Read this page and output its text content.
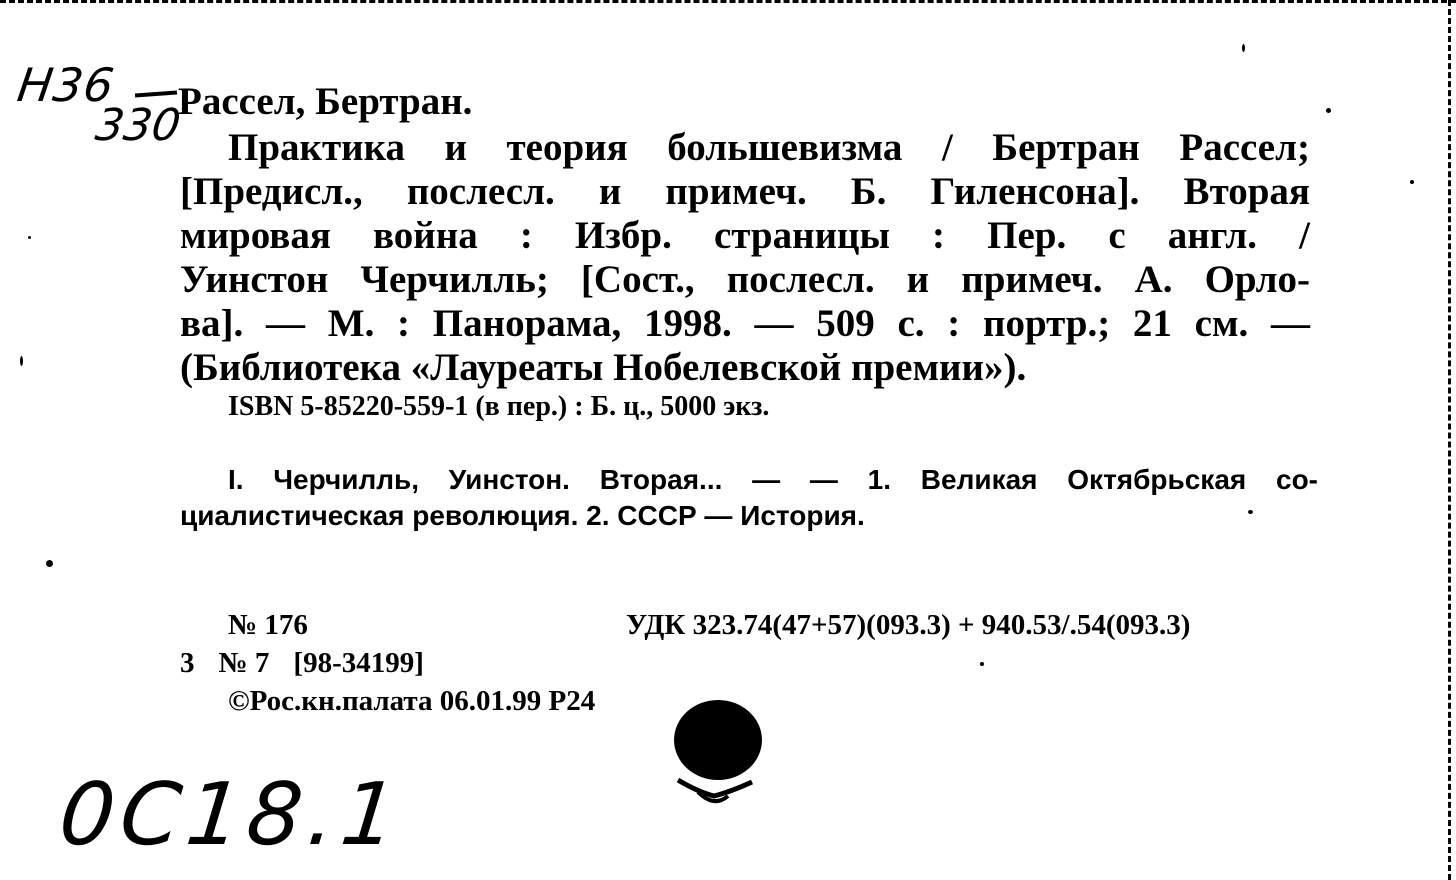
Н36
330
Рассел, Бертран.
Практика и теория большевизма / Бертран Рассел;
[Предисл., послесл. и примеч. Б. Гиленсона]. Вторая
мировая война : Избр. страницы : Пер. с англ. /
Уинстон Черчилль; [Сост., послесл. и примеч. А. Орло-
ва]. — М. : Панорама, 1998. — 509 с. : портр.; 21 см. —
(Библиотека «Лауреаты Нобелевской премии»).
ISBN 5-85220-559-1 (в пер.) : Б. ц., 5000 экз.
I. Черчилль, Уинстон. Вторая... — — 1. Великая Октябрьская со-
циалистическая революция. 2. СССР — История.
№ 176	УДК 323.74(47+57)(093.3) + 940.53/.54(093.3)
3 № 7 [98-34199]
©Рос.кн.палата 06.01.99 Р24
0С18.1
